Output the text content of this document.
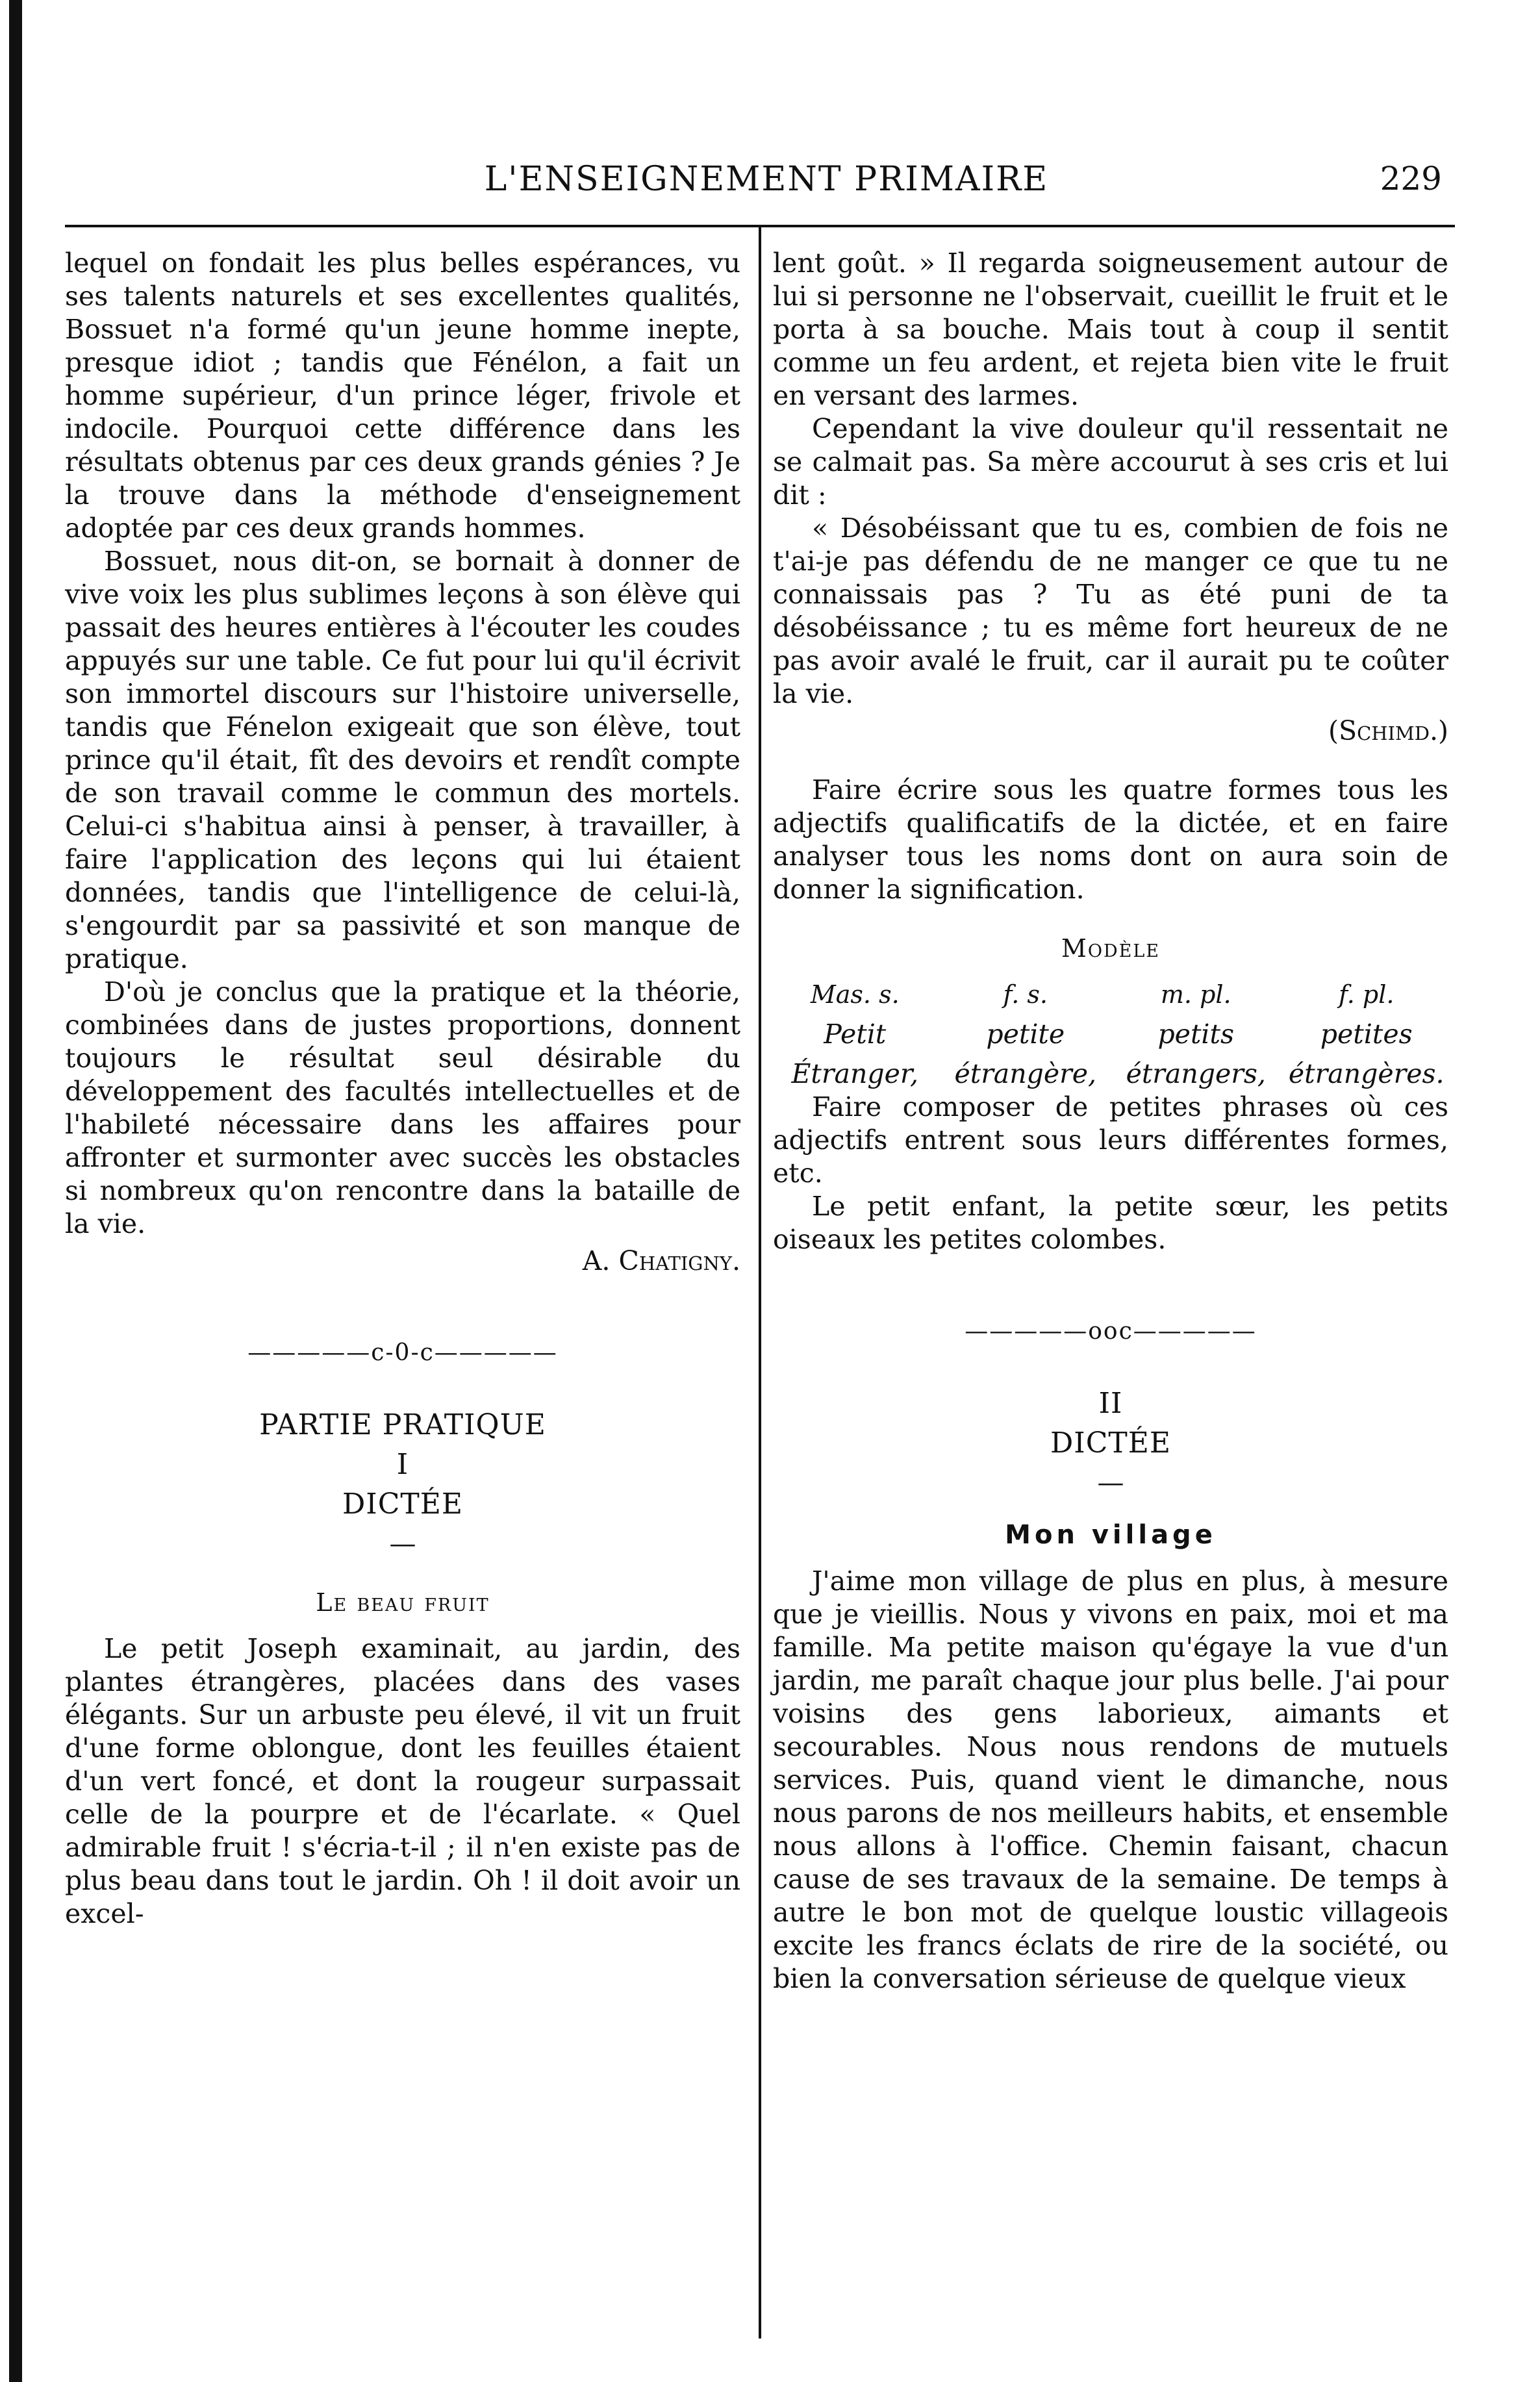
L'ENSEIGNEMENT PRIMAIRE	229

lequel on fondait les plus belles espérances, vu ses talents naturels et ses excellentes qualités, Bossuet n'a formé qu'un jeune homme inepte, presque idiot ; tandis que Fénélon, a fait un homme supérieur, d'un prince léger, frivole et indocile. Pourquoi cette différence dans les résultats obtenus par ces deux grands génies ? Je la trouve dans la méthode d'enseignement adoptée par ces deux grands hommes.

Bossuet, nous dit-on, se bornait à donner de vive voix les plus sublimes leçons à son élève qui passait des heures entières à l'écouter les coudes appuyés sur une table. Ce fut pour lui qu'il écrivit son immortel discours sur l'histoire universelle, tandis que Fénelon exigeait que son élève, tout prince qu'il était, fît des devoirs et rendît compte de son travail comme le commun des mortels. Celui-ci s'habitua ainsi à penser, à travailler, à faire l'application des leçons qui lui étaient données, tandis que l'intelligence de celui-là, s'engourdit par sa passivité et son manque de pratique.

D'où je conclus que la pratique et la théorie, combinées dans de justes proportions, donnent toujours le résultat seul désirable du développement des facultés intellectuelles et de l'habileté nécessaire dans les affaires pour affronter et surmonter avec succès les obstacles si nombreux qu'on rencontre dans la bataille de la vie.

A. Chatigny.

—————c-0-c—————
PARTIE PRATIQUE
I
DICTÉE
—
Le beau fruit

Le petit Joseph examinait, au jardin, des plantes étrangères, placées dans des vases élégants. Sur un arbuste peu élevé, il vit un fruit d'une forme oblongue, dont les feuilles étaient d'un vert foncé, et dont la rougeur surpassait celle de la pourpre et de l'écarlate. « Quel admirable fruit ! s'écria-t-il ; il n'en existe pas de plus beau dans tout le jardin. Oh ! il doit avoir un excel-

lent goût. » Il regarda soigneusement autour de lui si personne ne l'observait, cueillit le fruit et le porta à sa bouche. Mais tout à coup il sentit comme un feu ardent, et rejeta bien vite le fruit en versant des larmes.

Cependant la vive douleur qu'il ressentait ne se calmait pas. Sa mère accourut à ses cris et lui dit :

« Désobéissant que tu es, combien de fois ne t'ai-je pas défendu de ne manger ce que tu ne connaissais pas ? Tu as été puni de ta désobéissance ; tu es même fort heureux de ne pas avoir avalé le fruit, car il aurait pu te coûter la vie.

(Schimd.)

Faire écrire sous les quatre formes tous les adjectifs qualificatifs de la dictée, et en faire analyser tous les noms dont on aura soin de donner la signification.

Modèle
Mas. s.	f. s.	m. pl.	f. pl.
Petit	petite	petits	petites
Étranger,	étrangère,	étrangers, étrangères.

Faire composer de petites phrases où ces adjectifs entrent sous leurs différentes formes, etc.

Le petit enfant, la petite sœur, les petits oiseaux les petites colombes.

—————ooc—————
II
DICTÉE
—
Mon village

J'aime mon village de plus en plus, à mesure que je vieillis. Nous y vivons en paix, moi et ma famille. Ma petite maison qu'égaye la vue d'un jardin, me paraît chaque jour plus belle. J'ai pour voisins des gens laborieux, aimants et secourables. Nous nous rendons de mutuels services. Puis, quand vient le dimanche, nous nous parons de nos meilleurs habits, et ensemble nous allons à l'office. Chemin faisant, chacun cause de ses travaux de la semaine. De temps à autre le bon mot de quelque loustic villageois excite les francs éclats de rire de la société, ou bien la conversation sérieuse de quelque vieux
